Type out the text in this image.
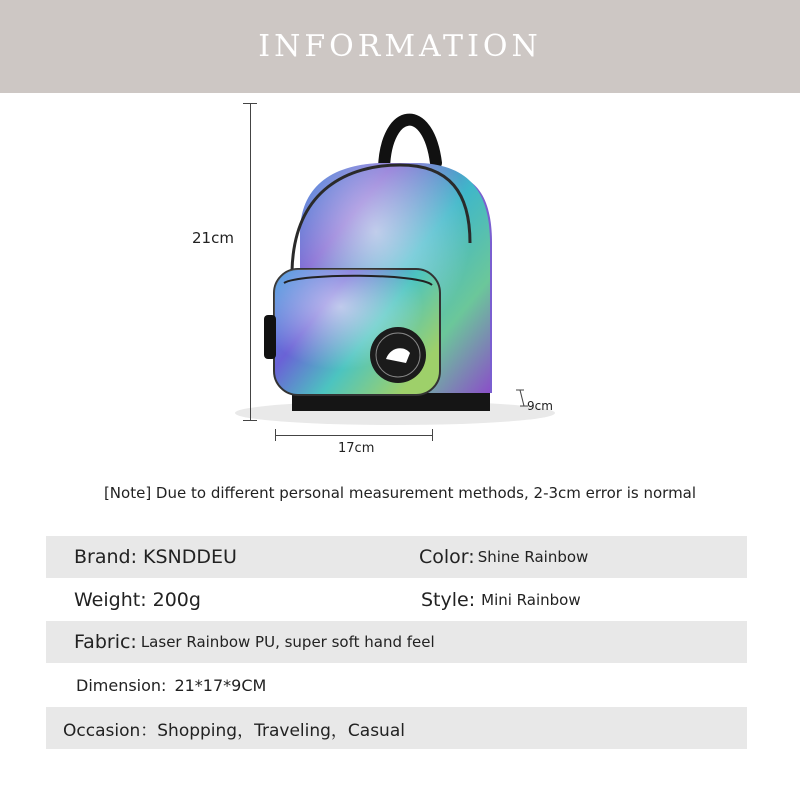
INFORMATION
21cm
17cm
9cm
[Note] Due to different personal measurement methods, 2-3cm error is normal
Brand: KSNDDEU	Color: Shine Rainbow
Weight: 200g	Style: Mini Rainbow
Fabric: Laser Rainbow PU, super soft hand feel
Dimension: 21*17*9CM
Occasion： Shopping，Traveling，Casual
